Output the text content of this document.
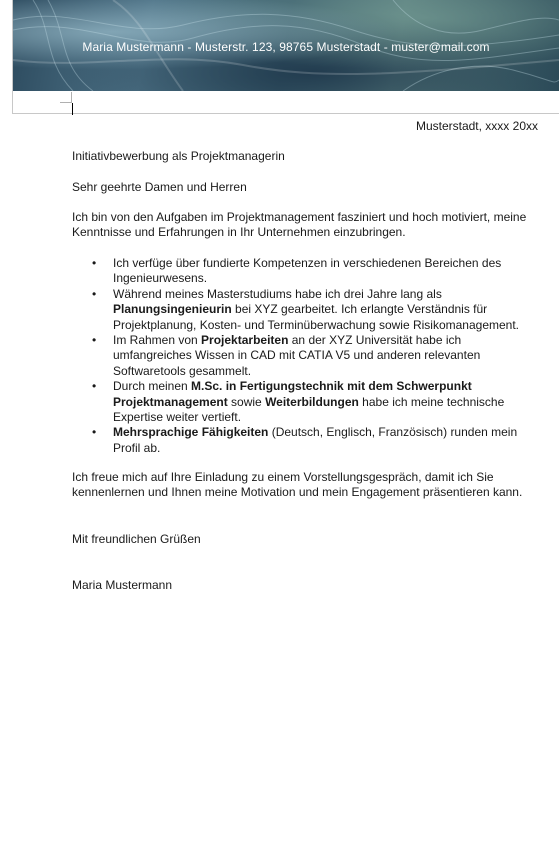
Maria Mustermann - Musterstr. 123, 98765 Musterstadt - muster@mail.com
Musterstadt, xxxx 20xx
Initiativbewerbung als Projektmanagerin
Sehr geehrte Damen und Herren
Ich bin von den Aufgaben im Projektmanagement fasziniert und hoch motiviert, meine Kenntnisse und Erfahrungen in Ihr Unternehmen einzubringen.
• Ich verfüge über fundierte Kompetenzen in verschiedenen Bereichen des Ingenieurwesens.
• Während meines Masterstudiums habe ich drei Jahre lang als Planungsingenieurin bei XYZ gearbeitet. Ich erlangte Verständnis für Projektplanung, Kosten- und Terminüberwachung sowie Risikomanagement.
• Im Rahmen von Projektarbeiten an der XYZ Universität habe ich umfangreiches Wissen in CAD mit CATIA V5 und anderen relevanten Softwaretools gesammelt.
• Durch meinen M.Sc. in Fertigungstechnik mit dem Schwerpunkt Projektmanagement sowie Weiterbildungen habe ich meine technische Expertise weiter vertieft.
• Mehrsprachige Fähigkeiten (Deutsch, Englisch, Französisch) runden mein Profil ab.
Ich freue mich auf Ihre Einladung zu einem Vorstellungsgespräch, damit ich Sie kennenlernen und Ihnen meine Motivation und mein Engagement präsentieren kann.
Mit freundlichen Grüßen
Maria Mustermann
